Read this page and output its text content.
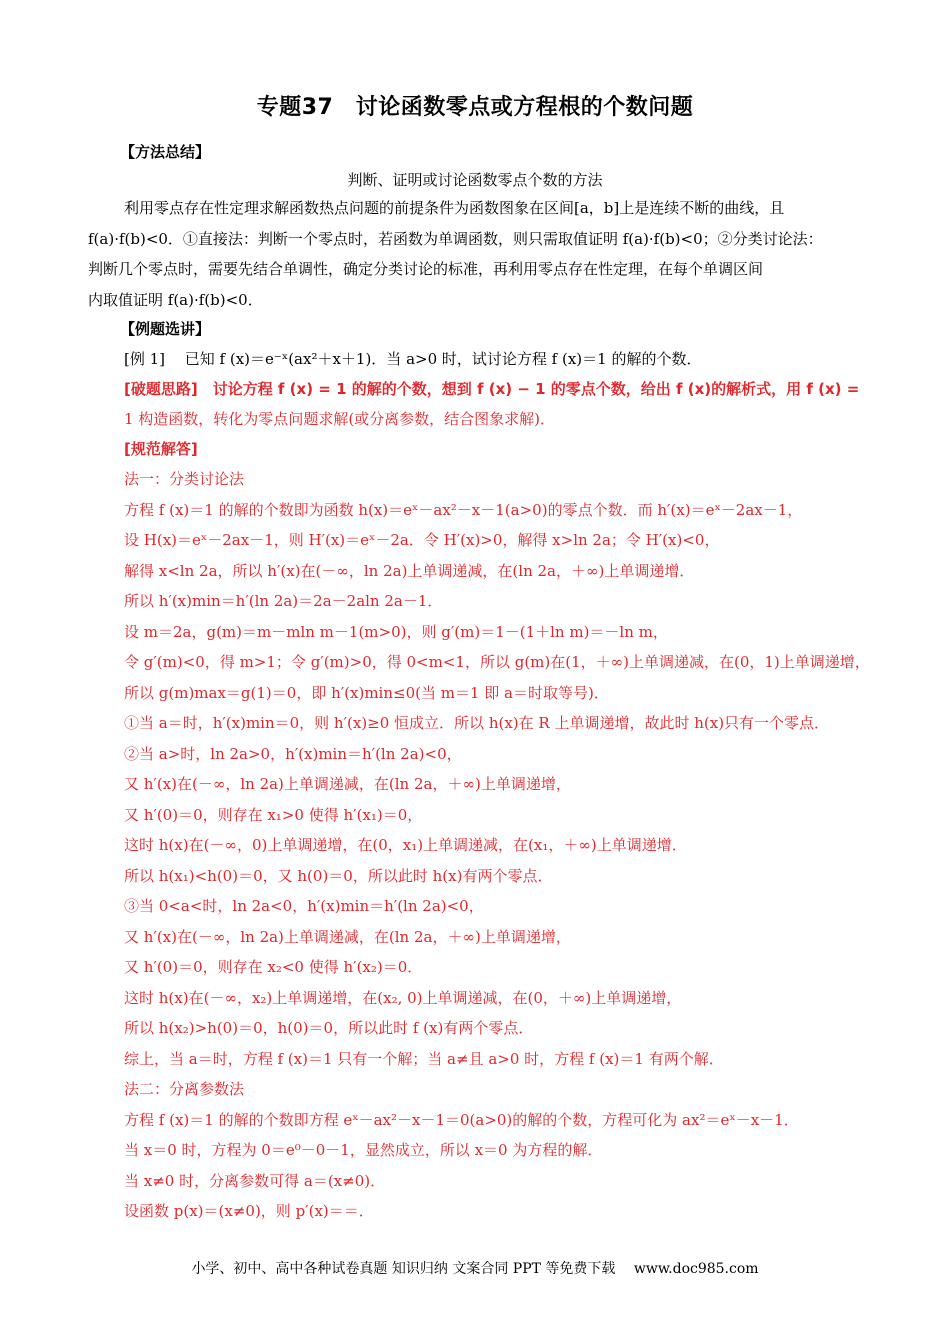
专题37　讨论函数零点或方程根的个数问题
【方法总结】
判断、证明或讨论函数零点个数的方法
利用零点存在性定理求解函数热点问题的前提条件为函数图象在区间[a，b]上是连续不断的曲线，且
f(a)·f(b)<0．①直接法：判断一个零点时，若函数为单调函数，则只需取值证明 f(a)·f(b)<0；②分类讨论法：
判断几个零点时，需要先结合单调性，确定分类讨论的标准，再利用零点存在性定理，在每个单调区间
内取值证明 f(a)·f(b)<0．
【例题选讲】
[例 1]　 已知 f (x)＝e⁻ˣ(ax²＋x＋1)．当 a>0 时，试讨论方程 f (x)＝1 的解的个数．
[破题思路]　讨论方程 f (x) = 1 的解的个数，想到 f (x) − 1 的零点个数，给出 f (x)的解析式，用 f (x) =
1 构造函数，转化为零点问题求解(或分离参数，结合图象求解)．
[规范解答]
法一：分类讨论法
方程 f (x)＝1 的解的个数即为函数 h(x)＝eˣ－ax²－x－1(a>0)的零点个数．而 h′(x)＝eˣ－2ax－1，
设 H(x)＝eˣ－2ax－1，则 H′(x)＝eˣ－2a．令 H′(x)>0，解得 x>ln 2a；令 H′(x)<0，
解得 x<ln 2a，所以 h′(x)在(－∞，ln 2a)上单调递减，在(ln 2a，＋∞)上单调递增．
所以 h′(x)min＝h′(ln 2a)＝2a－2aln 2a－1．
设 m＝2a，g(m)＝m－mln m－1(m>0)，则 g′(m)＝1－(1＋ln m)＝－ln m，
令 g′(m)<0，得 m>1；令 g′(m)>0，得 0<m<1，所以 g(m)在(1，＋∞)上单调递减，在(0，1)上单调递增，
所以 g(m)max＝g(1)＝0，即 h′(x)min≤0(当 m＝1 即 a＝时取等号)．
①当 a＝时，h′(x)min＝0，则 h′(x)≥0 恒成立．所以 h(x)在 R 上单调递增，故此时 h(x)只有一个零点．
②当 a>时，ln 2a>0，h′(x)min＝h′(ln 2a)<0，
又 h′(x)在(－∞，ln 2a)上单调递减，在(ln 2a，＋∞)上单调递增，
又 h′(0)＝0，则存在 x₁>0 使得 h′(x₁)＝0，
这时 h(x)在(－∞，0)上单调递增，在(0，x₁)上单调递减，在(x₁，＋∞)上单调递增．
所以 h(x₁)<h(0)＝0，又 h(0)＝0，所以此时 h(x)有两个零点．
③当 0<a<时，ln 2a<0，h′(x)min＝h′(ln 2a)<0，
又 h′(x)在(－∞，ln 2a)上单调递减，在(ln 2a，＋∞)上单调递增，
又 h′(0)＝0，则存在 x₂<0 使得 h′(x₂)＝0．
这时 h(x)在(－∞，x₂)上单调递增，在(x₂, 0)上单调递减，在(0，＋∞)上单调递增，
所以 h(x₂)>h(0)＝0，h(0)＝0，所以此时 f (x)有两个零点．
综上，当 a＝时，方程 f (x)＝1 只有一个解；当 a≠且 a>0 时，方程 f (x)＝1 有两个解．
法二：分离参数法
方程 f (x)＝1 的解的个数即方程 eˣ－ax²－x－1＝0(a>0)的解的个数，方程可化为 ax²＝eˣ－x－1．
当 x＝0 时，方程为 0＝e⁰－0－1，显然成立，所以 x＝0 为方程的解．
当 x≠0 时，分离参数可得 a＝(x≠0)．
设函数 p(x)＝(x≠0)，则 p′(x)＝＝．
小学、初中、高中各种试卷真题 知识归纳 文案合同 PPT 等免费下载　 www.doc985.com
